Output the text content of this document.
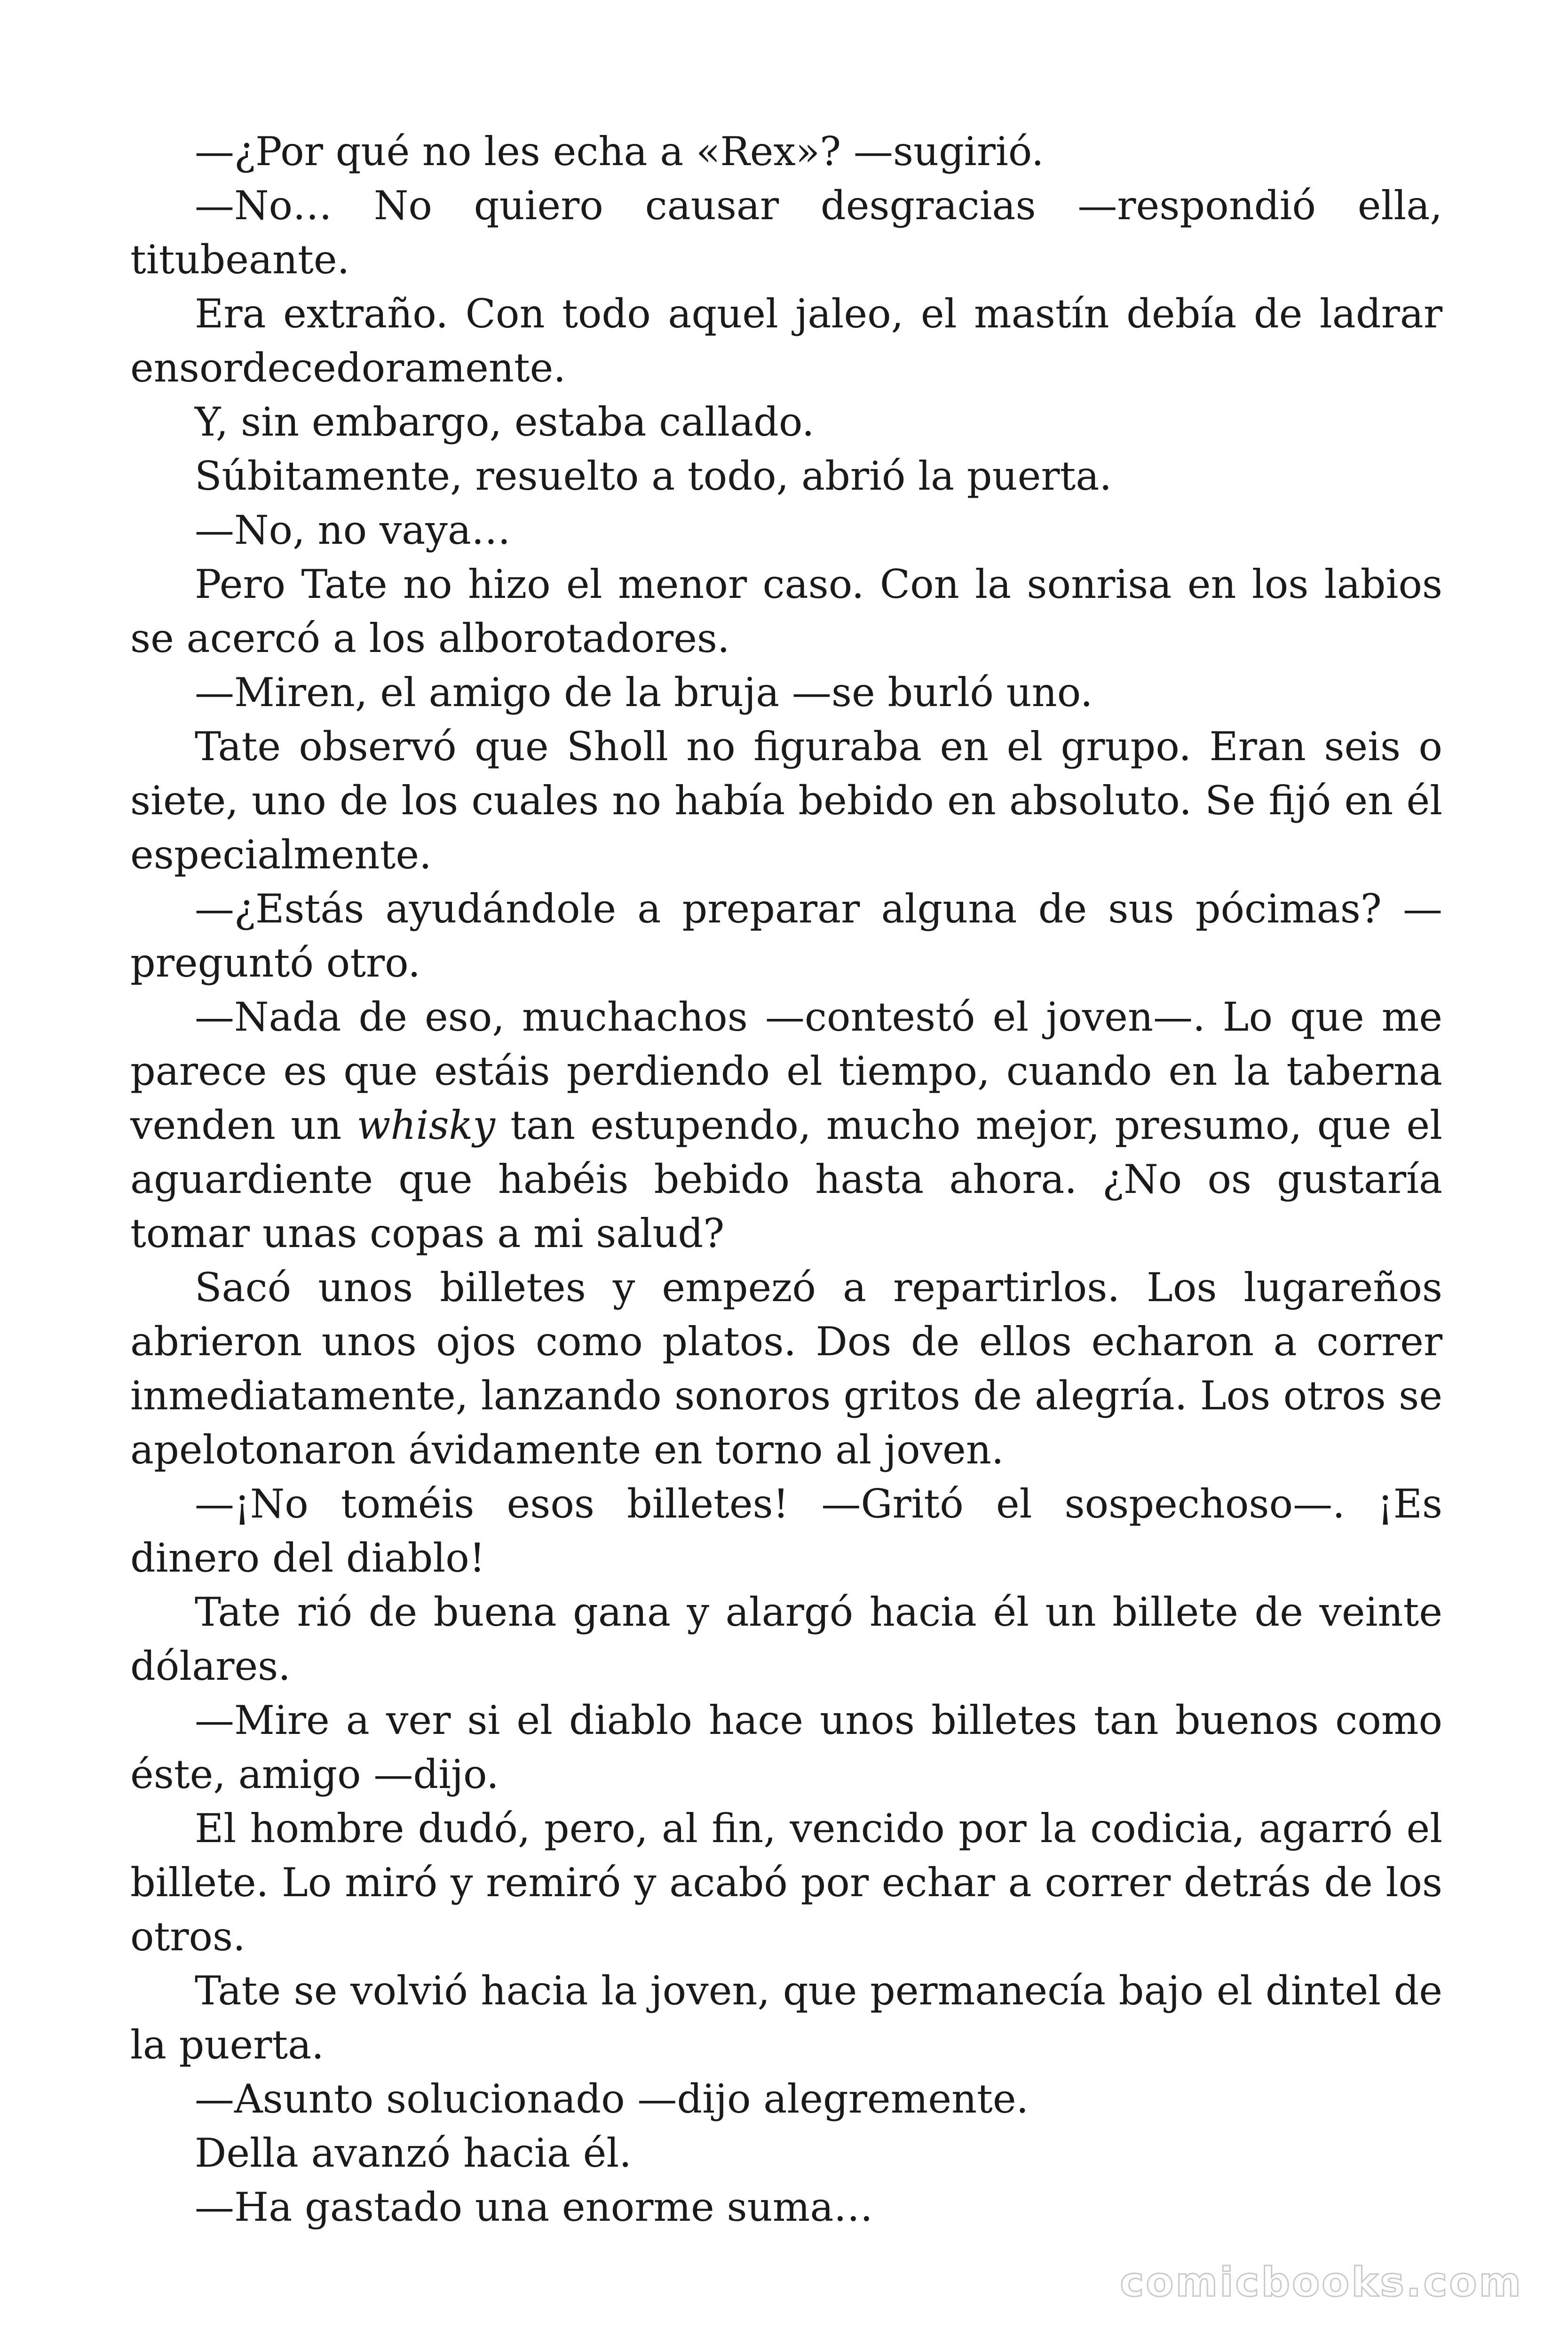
—¿Por qué no les echa a «Rex»? —sugirió.

—No… No quiero causar desgracias —respondió ella, titubeante.

Era extraño. Con todo aquel jaleo, el mastín debía de ladrar ensordecedoramente.

Y, sin embargo, estaba callado.

Súbitamente, resuelto a todo, abrió la puerta.

—No, no vaya…

Pero Tate no hizo el menor caso. Con la sonrisa en los labios se acercó a los alborotadores.

—Miren, el amigo de la bruja —se burló uno.

Tate observó que Sholl no figuraba en el grupo. Eran seis o siete, uno de los cuales no había bebido en absoluto. Se fijó en él especialmente.

—¿Estás ayudándole a preparar alguna de sus pócimas? —preguntó otro.

—Nada de eso, muchachos —contestó el joven—. Lo que me parece es que estáis perdiendo el tiempo, cuando en la taberna venden un whisky tan estupendo, mucho mejor, presumo, que el aguardiente que habéis bebido hasta ahora. ¿No os gustaría tomar unas copas a mi salud?

Sacó unos billetes y empezó a repartirlos. Los lugareños abrieron unos ojos como platos. Dos de ellos echaron a correr inmediatamente, lanzando sonoros gritos de alegría. Los otros se apelotonaron ávidamente en torno al joven.

—¡No toméis esos billetes! —Gritó el sospechoso—. ¡Es dinero del diablo!

Tate rió de buena gana y alargó hacia él un billete de veinte dólares.

—Mire a ver si el diablo hace unos billetes tan buenos como éste, amigo —dijo.

El hombre dudó, pero, al fin, vencido por la codicia, agarró el billete. Lo miró y remiró y acabó por echar a correr detrás de los otros.

Tate se volvió hacia la joven, que permanecía bajo el dintel de la puerta.

—Asunto solucionado —dijo alegremente.

Della avanzó hacia él.

—Ha gastado una enorme suma…

comicbooks.com
